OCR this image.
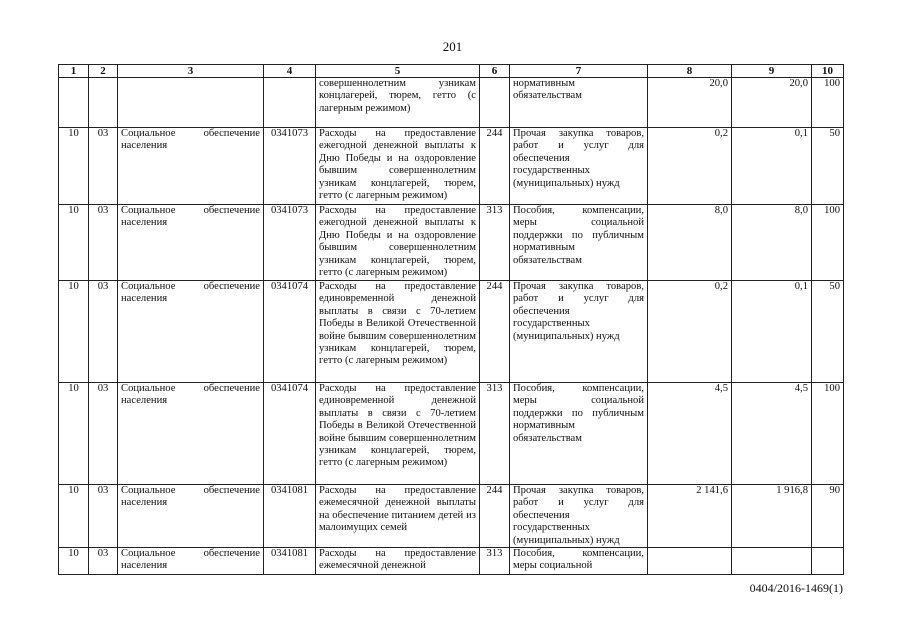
201
1	2	3	4	5	6	7	8	9	10
				совершеннолетним узникам концлагерей, тюрем, гетто (с лагерным режимом)		нормативным обязательствам	20,0	20,0	100
10	03	Социальное обеспечение населения	0341073	Расходы на предоставление ежегодной денежной выплаты к Дню Победы и на оздоровление бывшим совершеннолетним узникам концлагерей, тюрем, гетто (с лагерным режимом)	244	Прочая закупка товаров, работ и услуг для обеспечения государственных (муниципальных) нужд	0,2	0,1	50
10	03	Социальное обеспечение населения	0341073	Расходы на предоставление ежегодной денежной выплаты к Дню Победы и на оздоровление бывшим совершеннолетним узникам концлагерей, тюрем, гетто (с лагерным режимом)	313	Пособия, компенсации, меры социальной поддержки по публичным нормативным обязательствам	8,0	8,0	100
10	03	Социальное обеспечение населения	0341074	Расходы на предоставление единовременной денежной выплаты в связи с 70-летием Победы в Великой Отечественной войне бывшим совершеннолетним узникам концлагерей, тюрем, гетто (с лагерным режимом)	244	Прочая закупка товаров, работ и услуг для обеспечения государственных (муниципальных) нужд	0,2	0,1	50
10	03	Социальное обеспечение населения	0341074	Расходы на предоставление единовременной денежной выплаты в связи с 70-летием Победы в Великой Отечественной войне бывшим совершеннолетним узникам концлагерей, тюрем, гетто (с лагерным режимом)	313	Пособия, компенсации, меры социальной поддержки по публичным нормативным обязательствам	4,5	4,5	100
10	03	Социальное обеспечение населения	0341081	Расходы на предоставление ежемесячной денежной выплаты на обеспечение питанием детей из малоимущих семей	244	Прочая закупка товаров, работ и услуг для обеспечения государственных (муниципальных) нужд	2 141,6	1 916,8	90
10	03	Социальное обеспечение населения	0341081	Расходы на предоставление ежемесячной денежной	313	Пособия, компенсации, меры социальной			
0404/2016-1469(1)
